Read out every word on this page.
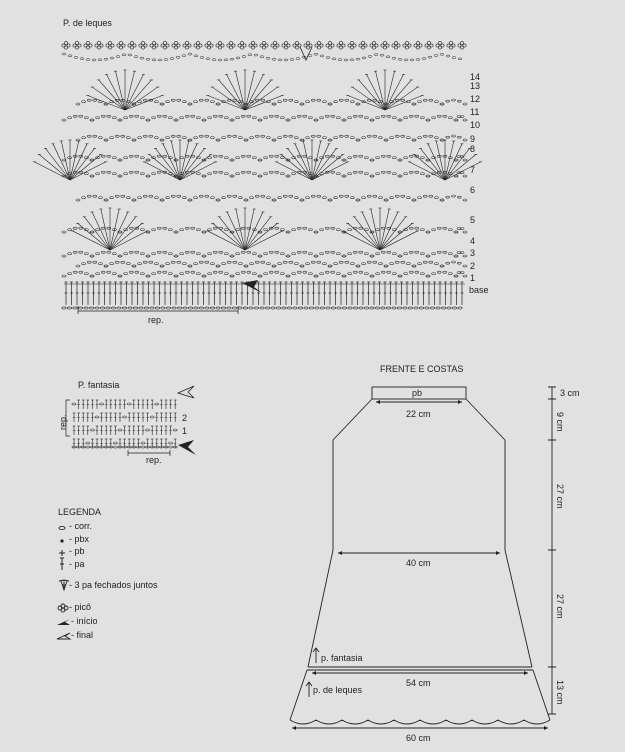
P. de leques
14
13
12
11
10
9
8
7
6
5
4
3
2
1
base
rep.
P. fantasia
2
1
rep.
rep.
LEGENDA
- corr.
- pbx
- pb
- pa
- 3 pa fechados juntos
- picô
- início
- final
FRENTE E COSTAS
pb
22 cm
40 cm
54 cm
60 cm
3 cm
9 cm
27 cm
27 cm
13 cm
p. fantasia
p. de leques
